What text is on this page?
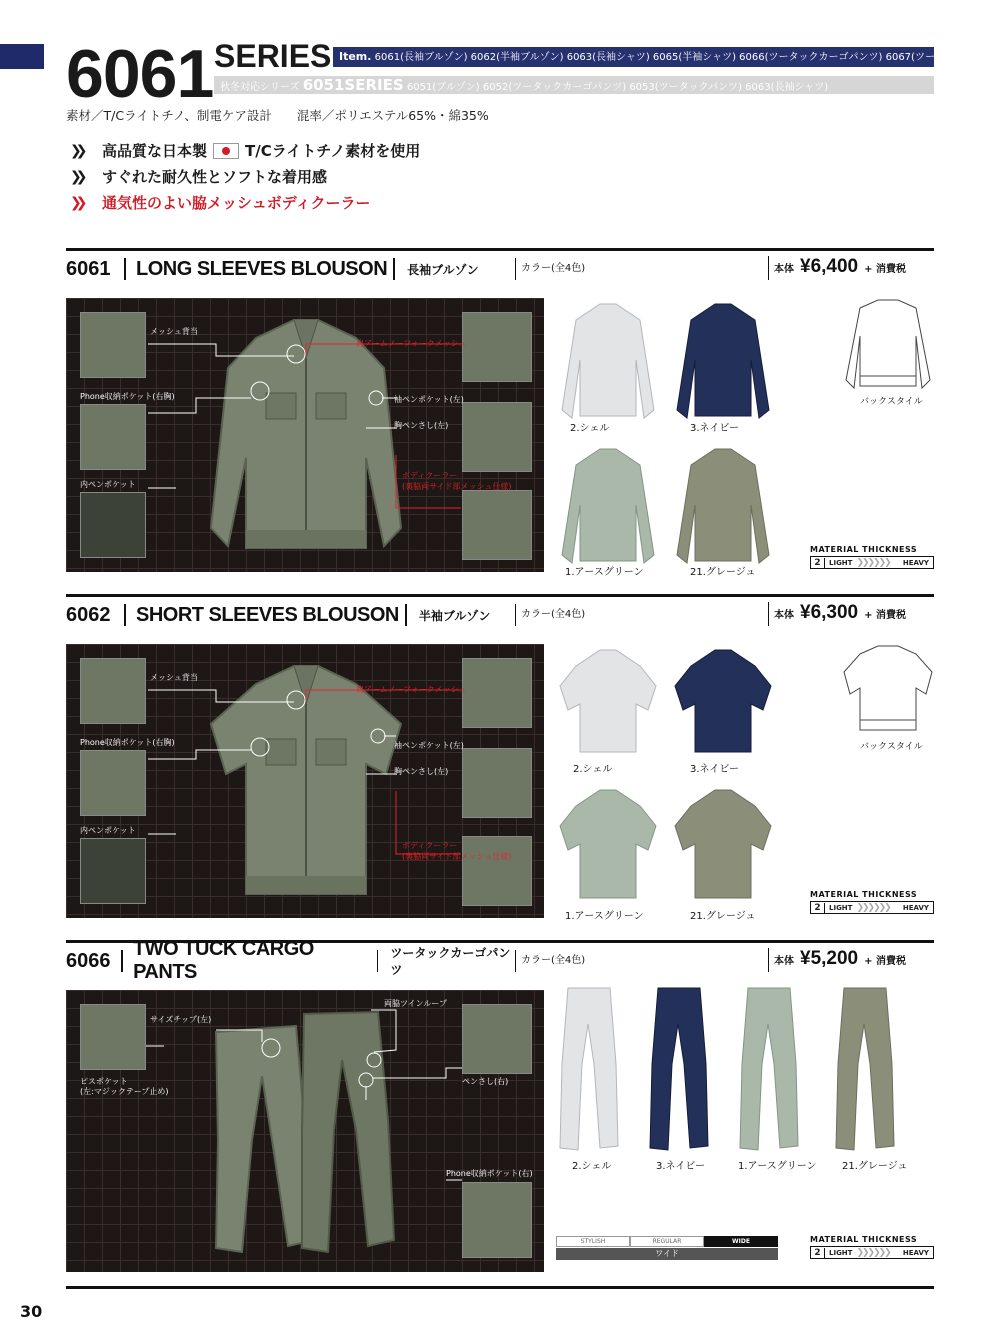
6061 SERIES Item. 6061(長袖ブルゾン) 6062(半袖ブルゾン) 6063(長袖シャツ) 6065(半袖シャツ) 6066(ツータックカーゴパンツ) 6067(ツータックパンツ)
秋冬対応シリーズ 6051SERIES 6051(ブルゾン) 6052(ツータックカーゴパンツ) 6053(ツータックパンツ) 6063(長袖シャツ)
素材／T/Cライトチノ、制電ケア設計　　混率／ポリエステル65%・綿35%
❯❯	高品質な日本製	T/Cライトチノ素材を使用
❯❯	すぐれた耐久性とソフトな着用感
❯❯	通気性のよい脇メッシュボディクーラー
6061	LONG SLEEVES BLOUSON 長袖ブルゾン	カラー(全4色)	本体 ¥6,400 + 消費税
メッシュ背当
Phone収納ポケット(右胸)
内ペンポケット
肩アームノーフォークメッシュ
袖ペンポケット(左)
胸ペンさし(左)
ボディクーラー
(裏脇両サイド部メッシュ仕様)
2.シェル	3.ネイビー
1.アースグリーン	21.グレージュ
バックスタイル
MATERIAL THICKNESS
2	LIGHT ❯❯❯❯❯❯	HEAVY
6062	SHORT SLEEVES BLOUSON 半袖ブルゾン	カラー(全4色)	本体 ¥6,300 + 消費税
メッシュ背当
Phone収納ポケット(右胸)
内ペンポケット
肩アームノーフォークメッシュ
袖ペンポケット(左)
胸ペンさし(左)
ボディクーラー
(裏脇両サイド部メッシュ仕様)
2.シェル	3.ネイビー
1.アースグリーン	21.グレージュ
バックスタイル
MATERIAL THICKNESS
2	LIGHT ❯❯❯❯❯❯	HEAVY
6066
TWO TUCK CARGO PANTS
ツータックカーゴパンツ
カラー(全4色)	本体 ¥5,200 + 消費税
サイズチップ(左)
ピスポケット
(左:マジックテープ止め)
両脇ツインループ
ペンさし(右)
Phone収納ポケット(右)
2.シェル	3.ネイビー	1.アースグリーン	21.グレージュ
STYLISH	REGULAR	WIDE
ワイド
MATERIAL THICKNESS
2	LIGHT ❯❯❯❯❯❯	HEAVY
30
